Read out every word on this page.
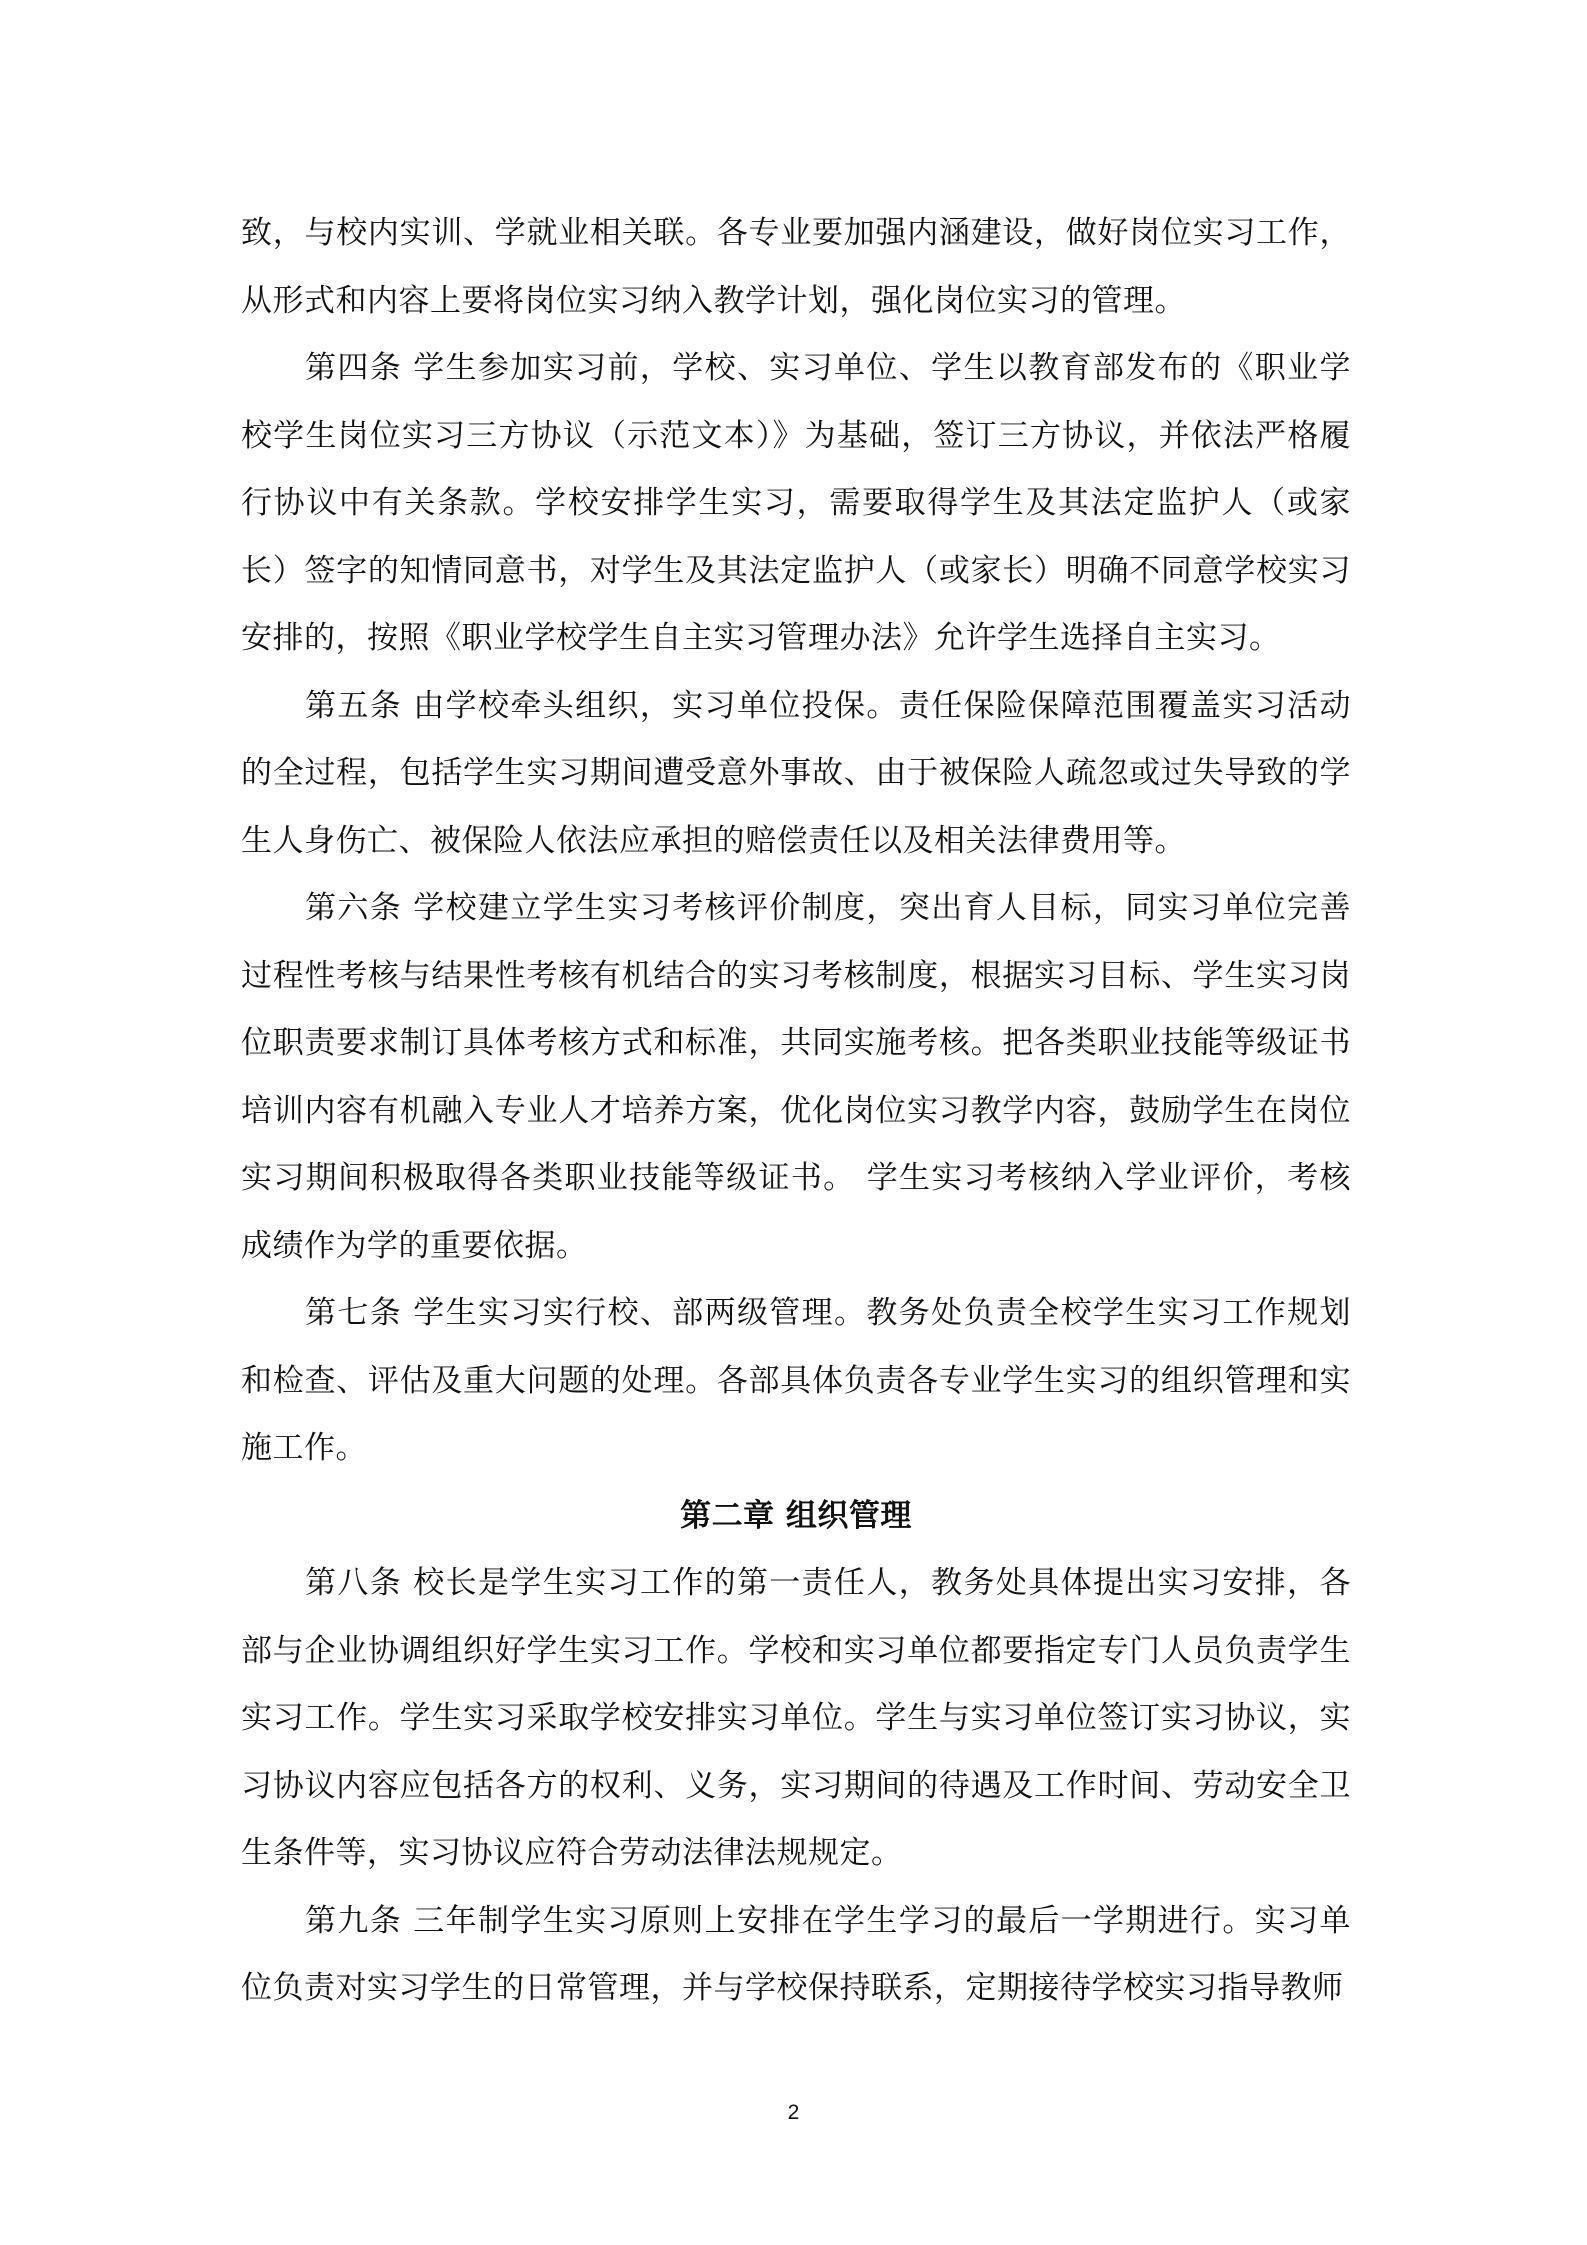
致，与校内实训、学就业相关联。各专业要加强内涵建设，做好岗位实习工作，从形式和内容上要将岗位实习纳入教学计划，强化岗位实习的管理。

第四条 学生参加实习前，学校、实习单位、学生以教育部发布的《职业学校学生岗位实习三方协议（示范文本）》为基础，签订三方协议，并依法严格履行协议中有关条款。学校安排学生实习，需要取得学生及其法定监护人（或家长）签字的知情同意书，对学生及其法定监护人（或家长）明确不同意学校实习安排的，按照《职业学校学生自主实习管理办法》允许学生选择自主实习。

第五条 由学校牵头组织，实习单位投保。责任保险保障范围覆盖实习活动的全过程，包括学生实习期间遭受意外事故、由于被保险人疏忽或过失导致的学生人身伤亡、被保险人依法应承担的赔偿责任以及相关法律费用等。

第六条 学校建立学生实习考核评价制度，突出育人目标，同实习单位完善过程性考核与结果性考核有机结合的实习考核制度，根据实习目标、学生实习岗位职责要求制订具体考核方式和标准，共同实施考核。把各类职业技能等级证书培训内容有机融入专业人才培养方案，优化岗位实习教学内容，鼓励学生在岗位实习期间积极取得各类职业技能等级证书。 学生实习考核纳入学业评价，考核成绩作为学的重要依据。

第七条 学生实习实行校、部两级管理。教务处负责全校学生实习工作规划和检查、评估及重大问题的处理。各部具体负责各专业学生实习的组织管理和实施工作。

第二章 组织管理

第八条 校长是学生实习工作的第一责任人，教务处具体提出实习安排，各部与企业协调组织好学生实习工作。学校和实习单位都要指定专门人员负责学生实习工作。学生实习采取学校安排实习单位。学生与实习单位签订实习协议，实习协议内容应包括各方的权利、义务，实习期间的待遇及工作时间、劳动安全卫生条件等，实习协议应符合劳动法律法规规定。

第九条 三年制学生实习原则上安排在学生学习的最后一学期进行。实习单位负责对实习学生的日常管理，并与学校保持联系，定期接待学校实习指导教师

2
